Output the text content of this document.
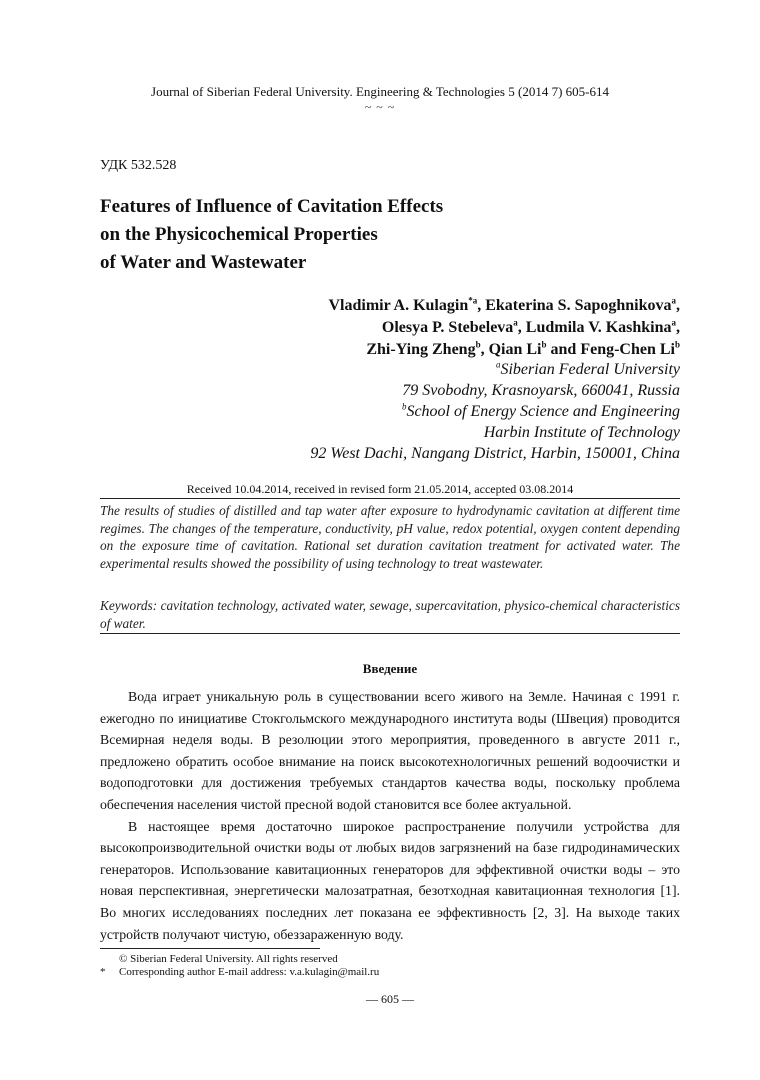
Journal of Siberian Federal University. Engineering & Technologies 5 (2014 7) 605-614
~ ~ ~
УДК 532.528
Features of Influence of Cavitation Effects
on the Physicochemical Properties
of Water and Wastewater
Vladimir A. Kulagin$^{*a}$, Ekaterina S. Sapoghnikova$^a$,
Olesya P. Stebeleva$^a$, Ludmila V. Kashkina$^a$,
Zhi-Ying Zheng$^b$, Qian Li$^b$ and Feng-Chen Li$^b$
$^a$Siberian Federal University
79 Svobodny, Krasnoyarsk, 660041, Russia
$^b$School of Energy Science and Engineering
Harbin Institute of Technology
92 West Dachi, Nangang District, Harbin, 150001, China
Received 10.04.2014, received in revised form 21.05.2014, accepted 03.08.2014
The results of studies of distilled and tap water after exposure to hydrodynamic cavitation at different time regimes. The changes of the temperature, conductivity, pH value, redox potential, oxygen content depending on the exposure time of cavitation. Rational set duration cavitation treatment for activated water. The experimental results showed the possibility of using technology to treat wastewater.
Keywords: cavitation technology, activated water, sewage, supercavitation, physico-chemical characteristics of water.
Введение

Вода играет уникальную роль в существовании всего живого на Земле. Начиная с 1991 г. ежегодно по инициативе Стокгольмского международного института воды (Швеция) проводится Всемирная неделя воды. В резолюции этого мероприятия, проведенного в августе 2011 г., предложено обратить особое внимание на поиск высокотехнологичных решений водоочистки и водоподготовки для достижения требуемых стандартов качества воды, поскольку проблема обеспечения населения чистой пресной водой становится все более актуальной.

В настоящее время достаточно широкое распространение получили устройства для высокопроизводительной очистки воды от любых видов загрязнений на базе гидродинамических генераторов. Использование кавитационных генераторов для эффективной очистки воды – это новая перспективная, энергетически малозатратная, безотходная кавитационная технология [1]. Во многих исследованиях последних лет показана ее эффективность [2, 3]. На выходе таких устройств получают чистую, обеззараженную воду.

© Siberian Federal University. All rights reserved
* Corresponding author E-mail address: v.a.kulagin@mail.ru
— 605 —
